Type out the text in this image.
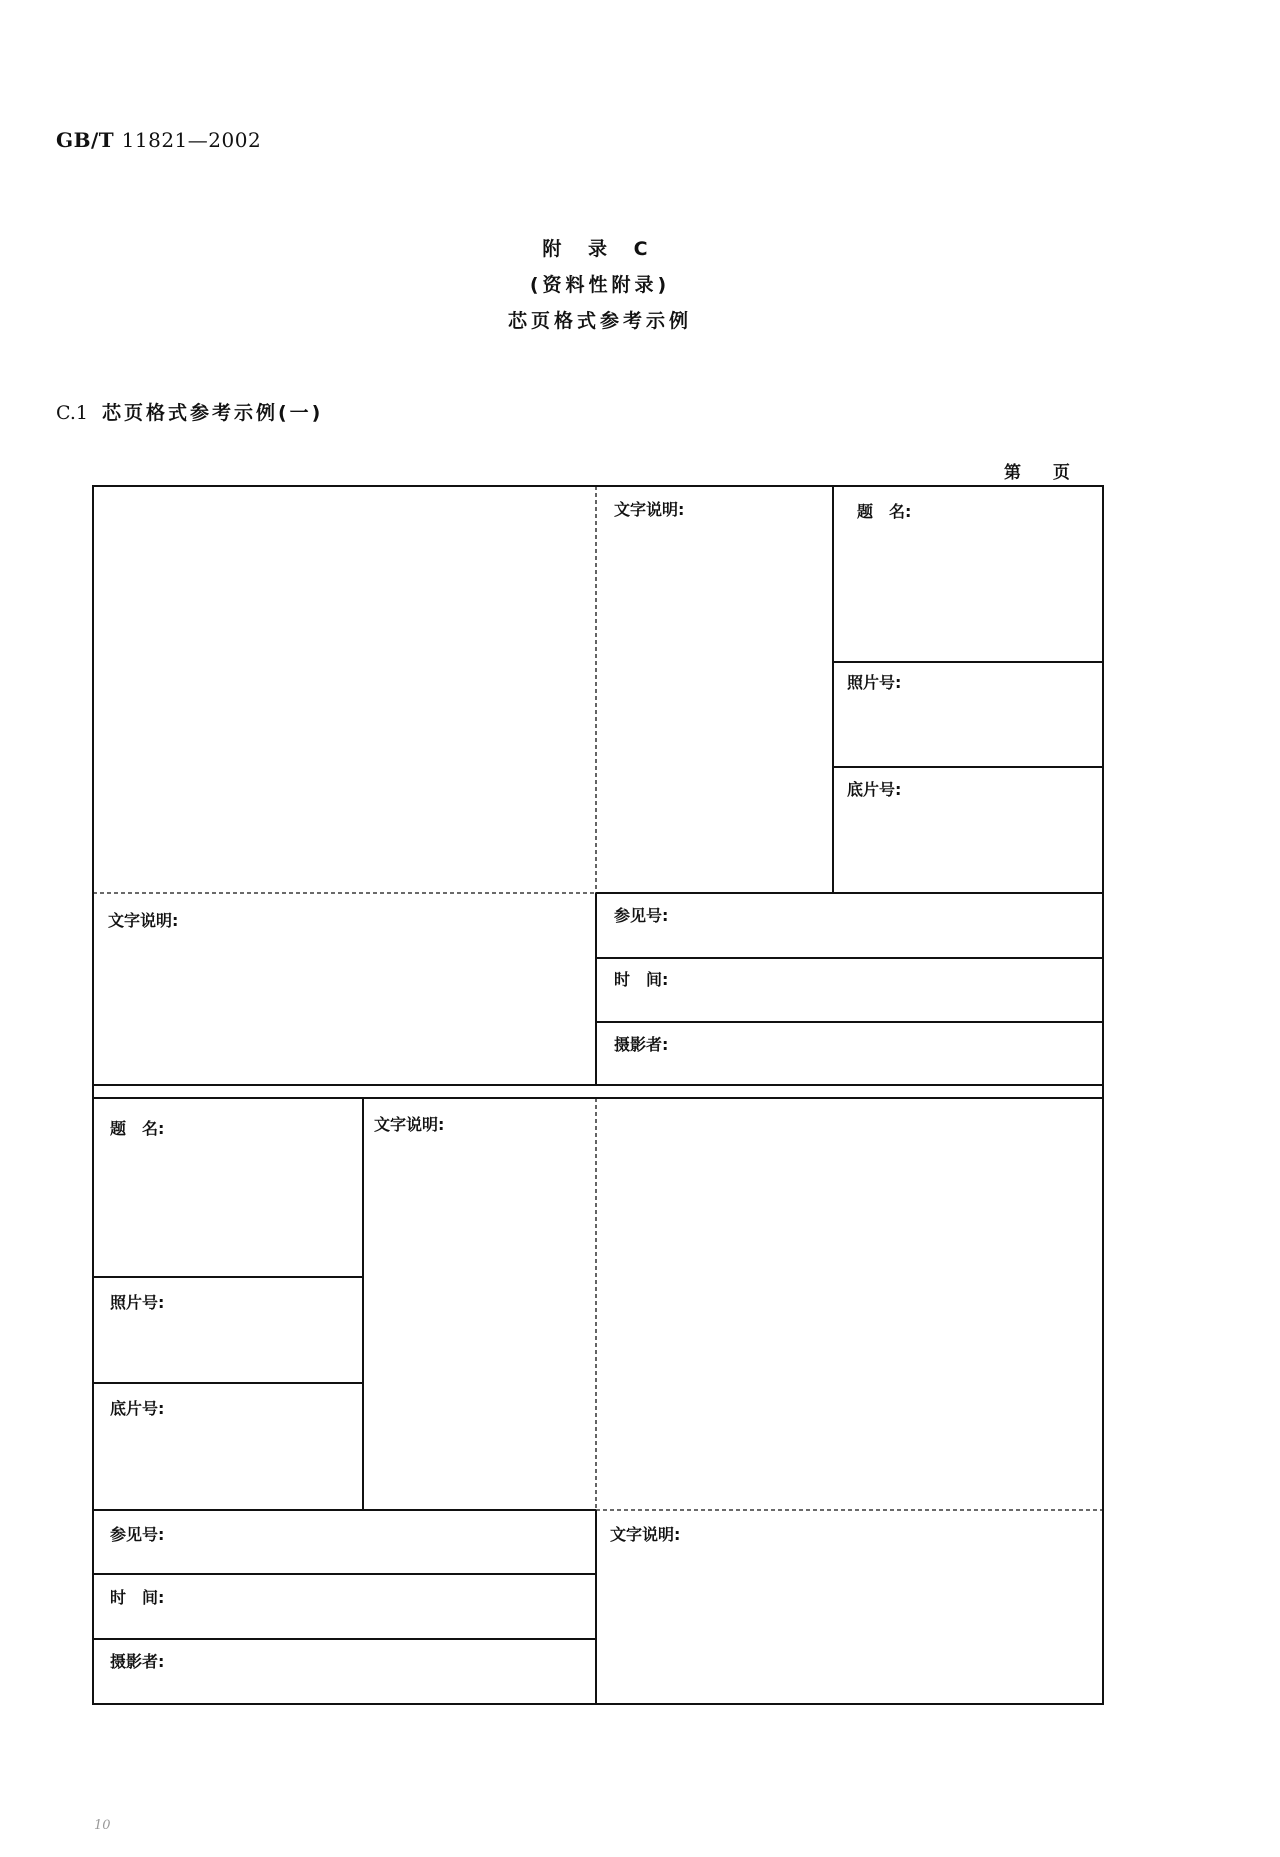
GB/T 11821—2002
附 录 C
(资料性附录)
芯页格式参考示例
C.1 芯页格式参考示例(一)
第 页
文字说明:	题　名:
照片号:
底片号:
文字说明:	参见号:
时　间:
摄影者:
题　名:	文字说明:
照片号:
底片号:
参见号:
时　间:
摄影者:
文字说明:
10
